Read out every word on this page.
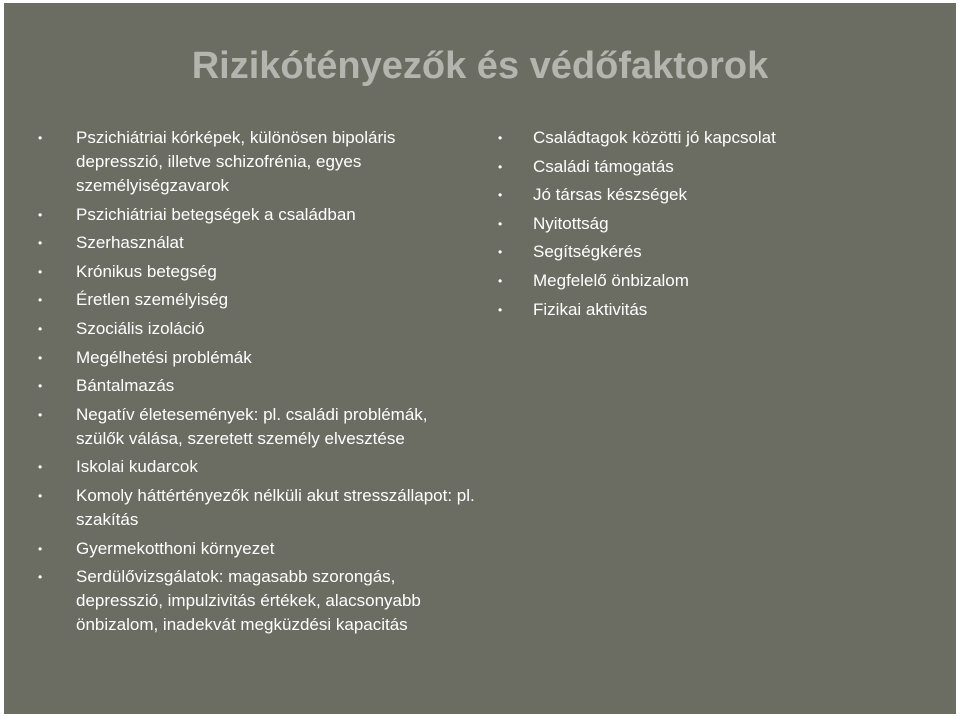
Rizikótényezők és védőfaktorok
• Pszichiátriai kórképek, különösen bipoláris depresszió, illetve schizofrénia, egyes személyiségzavarok
• Pszichiátriai betegségek a családban
• Szerhasználat
• Krónikus betegség
• Éretlen személyiség
• Szociális izoláció
• Megélhetési problémák
• Bántalmazás
• Negatív életesemények: pl. családi problémák, szülők válása, szeretett személy elvesztése
• Iskolai kudarcok
• Komoly háttértényezők nélküli akut stresszállapot: pl. szakítás
• Gyermekotthoni környezet
• Serdülővizsgálatok: magasabb szorongás, depresszió, impulzivitás értékek, alacsonyabb önbizalom, inadekvát megküzdési kapacitás
• Családtagok közötti jó kapcsolat
• Családi támogatás
• Jó társas készségek
• Nyitottság
• Segítségkérés
• Megfelelő önbizalom
• Fizikai aktivitás
